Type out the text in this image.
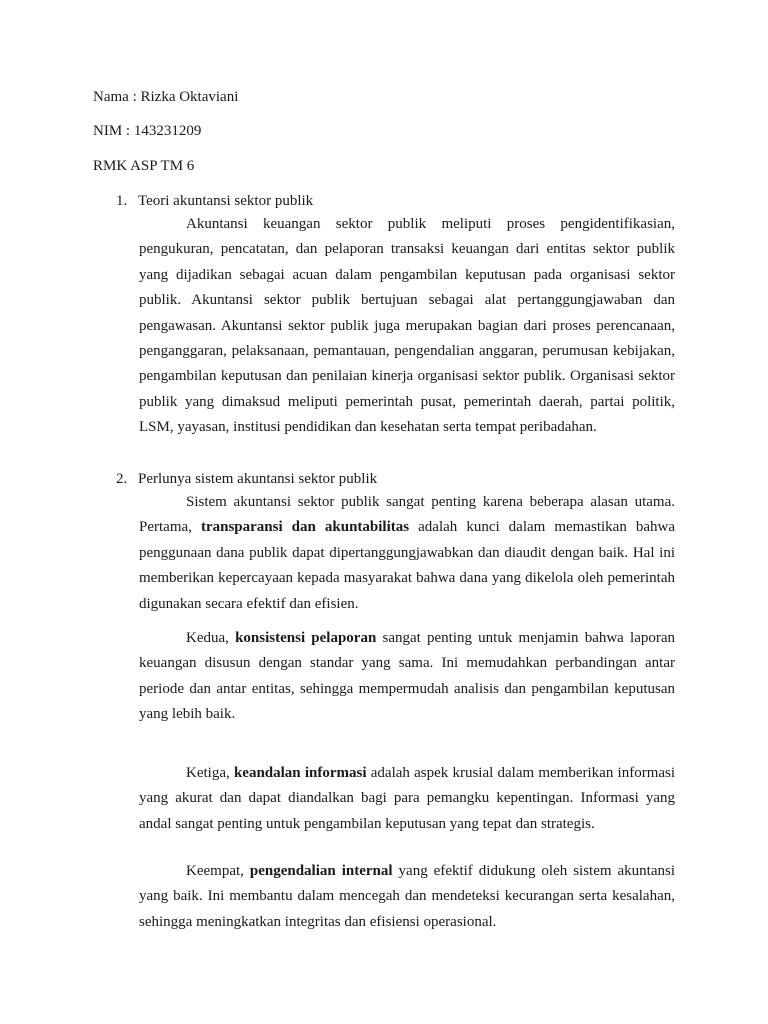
Nama : Rizka Oktaviani
NIM : 143231209
RMK ASP TM 6
1. Teori akuntansi sektor publik

Akuntansi keuangan sektor publik meliputi proses pengidentifikasian, pengukuran, pencatatan, dan pelaporan transaksi keuangan dari entitas sektor publik yang dijadikan sebagai acuan dalam pengambilan keputusan pada organisasi sektor publik. Akuntansi sektor publik bertujuan sebagai alat pertanggungjawaban dan pengawasan. Akuntansi sektor publik juga merupakan bagian dari proses perencanaan, penganggaran, pelaksanaan, pemantauan, pengendalian anggaran, perumusan kebijakan, pengambilan keputusan dan penilaian kinerja organisasi sektor publik. Organisasi sektor publik yang dimaksud meliputi pemerintah pusat, pemerintah daerah, partai politik, LSM, yayasan, institusi pendidikan dan kesehatan serta tempat peribadahan.

2. Perlunya sistem akuntansi sektor publik

Sistem akuntansi sektor publik sangat penting karena beberapa alasan utama. Pertama, transparansi dan akuntabilitas adalah kunci dalam memastikan bahwa penggunaan dana publik dapat dipertanggungjawabkan dan diaudit dengan baik. Hal ini memberikan kepercayaan kepada masyarakat bahwa dana yang dikelola oleh pemerintah digunakan secara efektif dan efisien.

Kedua, konsistensi pelaporan sangat penting untuk menjamin bahwa laporan keuangan disusun dengan standar yang sama. Ini memudahkan perbandingan antar periode dan antar entitas, sehingga mempermudah analisis dan pengambilan keputusan yang lebih baik.

Ketiga, keandalan informasi adalah aspek krusial dalam memberikan informasi yang akurat dan dapat diandalkan bagi para pemangku kepentingan. Informasi yang andal sangat penting untuk pengambilan keputusan yang tepat dan strategis.

Keempat, pengendalian internal yang efektif didukung oleh sistem akuntansi yang baik. Ini membantu dalam mencegah dan mendeteksi kecurangan serta kesalahan, sehingga meningkatkan integritas dan efisiensi operasional.
